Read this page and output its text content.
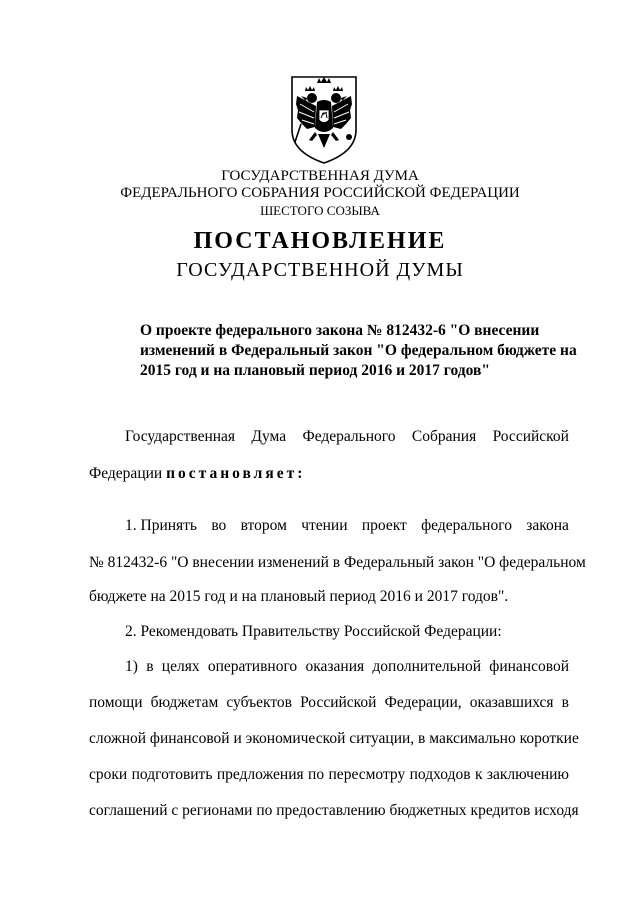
ГОСУДАРСТВЕННАЯ ДУМА
ФЕДЕРАЛЬНОГО СОБРАНИЯ РОССИЙСКОЙ ФЕДЕРАЦИИ
ШЕСТОГО СОЗЫВА
ПОСТАНОВЛЕНИЕ
ГОСУДАРСТВЕННОЙ ДУМЫ
О проекте федерального закона № 812432-6 "О внесении
изменений в Федеральный закон "О федеральном бюджете на
2015 год и на плановый период 2016 и 2017 годов"
Государственная Дума Федерального Собрания Российской
Федерации постановляет:
1. Принять во втором чтении проект федерального закона
№ 812432-6 "О внесении изменений в Федеральный закон "О федеральном
бюджете на 2015 год и на плановый период 2016 и 2017 годов".
2. Рекомендовать Правительству Российской Федерации:
1) в целях оперативного оказания дополнительной финансовой
помощи бюджетам субъектов Российской Федерации, оказавшихся в
сложной финансовой и экономической ситуации, в максимально короткие
сроки подготовить предложения по пересмотру подходов к заключению
соглашений с регионами по предоставлению бюджетных кредитов исходя
